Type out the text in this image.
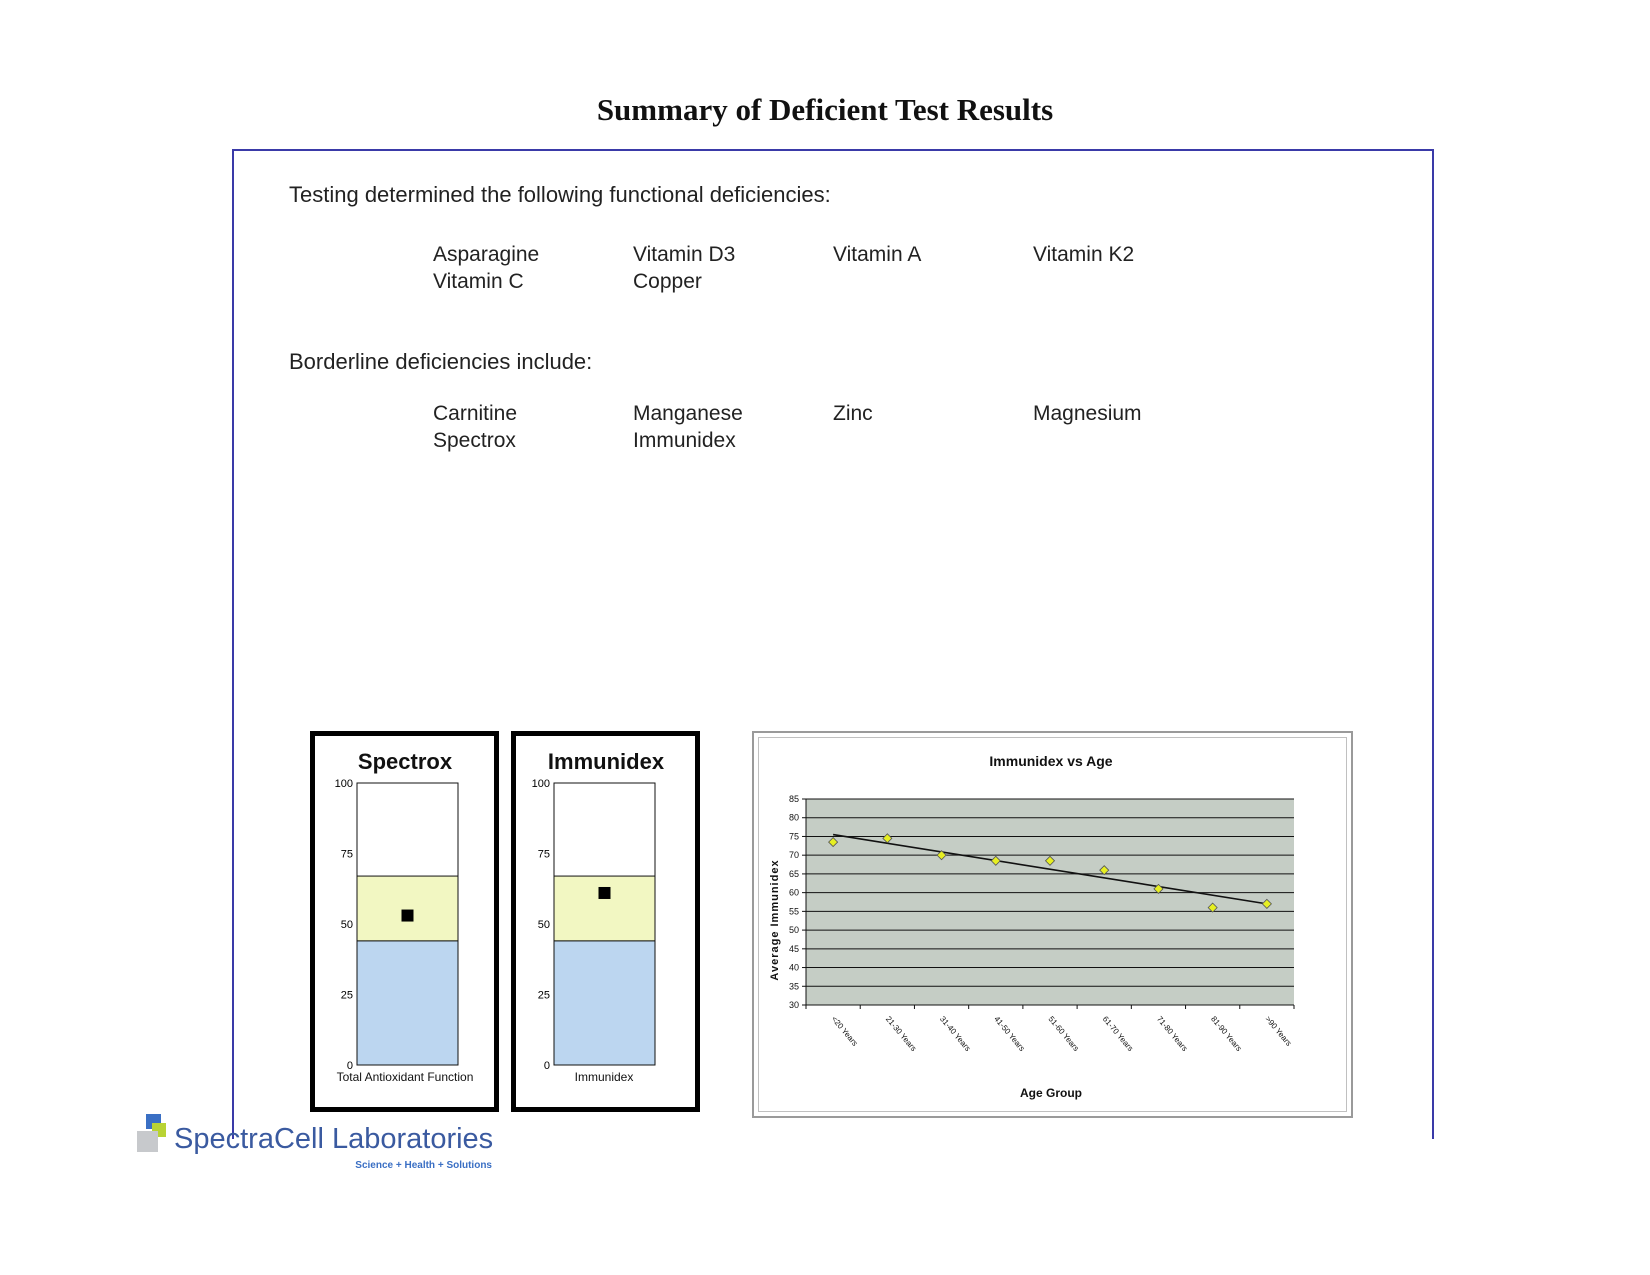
Summary of Deficient Test Results
Testing determined the following functional deficiencies:
Asparagine	Vitamin D3	Vitamin A	Vitamin K2
Vitamin C	Copper
Borderline deficiencies include:
Carnitine	Manganese	Zinc	Magnesium
Spectrox	Immunidex
Spectrox
0
25
50
75
100
Total Antioxidant Function
Immunidex
0
25
50
75
100
Immunidex
Immunidex vs Age
Age Group
Average Immunidex
30
35
40
45
50
55
60
65
70
75
80
85
<20 Years	21-30 Years 31-40 Years 41-50 Years 51-60 Years 61-70 Years 71-80 Years 81-90 Years >90 Years
SpectraCell Laboratories
Science + Health + Solutions
